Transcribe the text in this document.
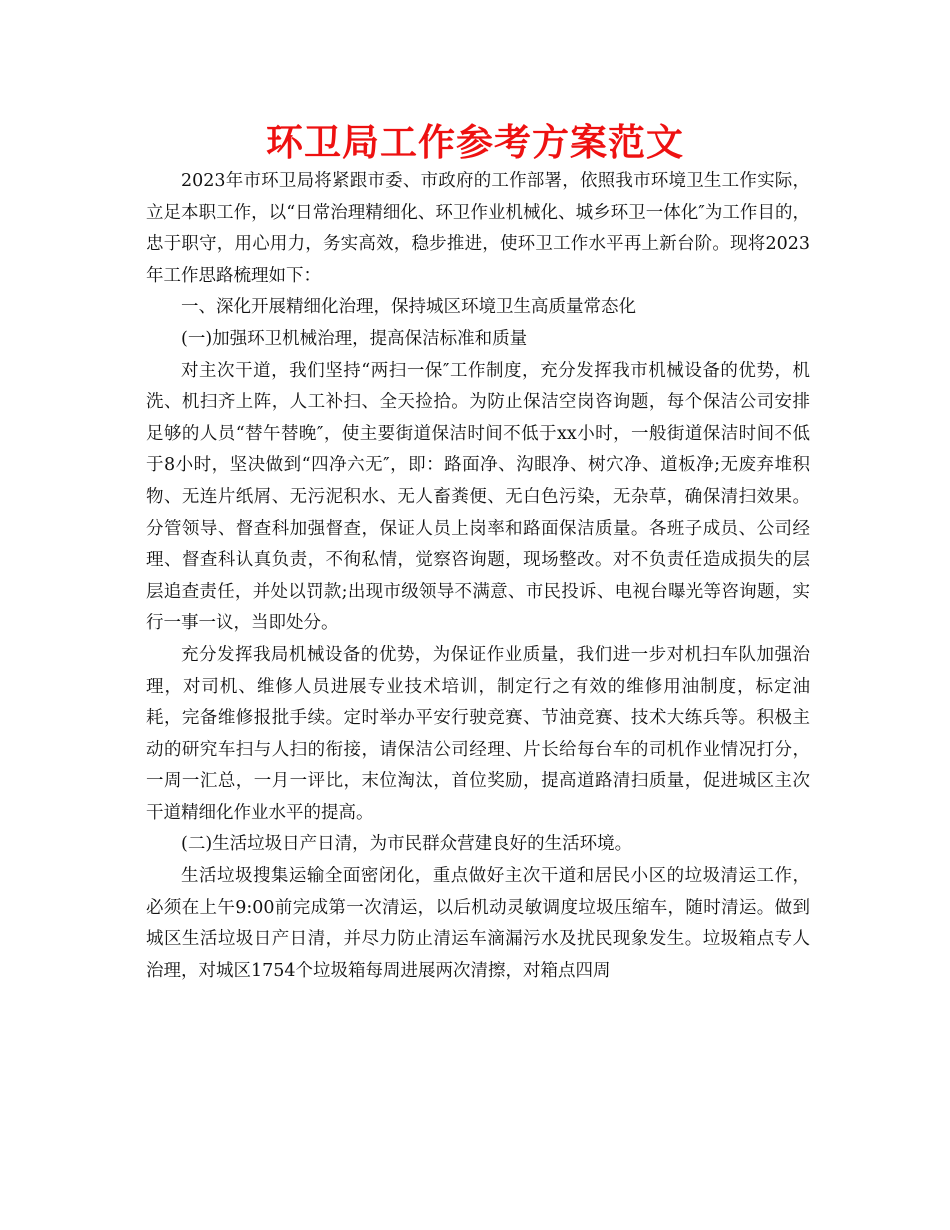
环卫局工作参考方案范文

2023年市环卫局将紧跟市委、市政府的工作部署，依照我市环境卫生工作实际，立足本职工作，以“日常治理精细化、环卫作业机械化、城乡环卫一体化″为工作目的，忠于职守，用心用力，务实高效，稳步推进，使环卫工作水平再上新台阶。现将2023年工作思路梳理如下：

一、深化开展精细化治理，保持城区环境卫生高质量常态化

(一)加强环卫机械治理，提高保洁标准和质量

对主次干道，我们坚持“两扫一保″工作制度，充分发挥我市机械设备的优势，机洗、机扫齐上阵，人工补扫、全天捡拾。为防止保洁空岗咨询题，每个保洁公司安排足够的人员“替午替晚″，使主要街道保洁时间不低于xx小时，一般街道保洁时间不低于8小时，坚决做到“四净六无″，即：路面净、沟眼净、树穴净、道板净;无废弃堆积物、无连片纸屑、无污泥积水、无人畜粪便、无白色污染，无杂草，确保清扫效果。分管领导、督查科加强督查，保证人员上岗率和路面保洁质量。各班子成员、公司经理、督查科认真负责，不徇私情，觉察咨询题，现场整改。对不负责任造成损失的层层追查责任，并处以罚款;出现市级领导不满意、市民投诉、电视台曝光等咨询题，实行一事一议，当即处分。

充分发挥我局机械设备的优势，为保证作业质量，我们进一步对机扫车队加强治理，对司机、维修人员进展专业技术培训，制定行之有效的维修用油制度，标定油耗，完备维修报批手续。定时举办平安行驶竞赛、节油竞赛、技术大练兵等。积极主动的研究车扫与人扫的衔接，请保洁公司经理、片长给每台车的司机作业情况打分，一周一汇总，一月一评比，末位淘汰，首位奖励，提高道路清扫质量，促进城区主次干道精细化作业水平的提高。

(二)生活垃圾日产日清，为市民群众营建良好的生活环境。

生活垃圾搜集运输全面密闭化，重点做好主次干道和居民小区的垃圾清运工作，必须在上午9:00前完成第一次清运，以后机动灵敏调度垃圾压缩车，随时清运。做到城区生活垃圾日产日清，并尽力防止清运车滴漏污水及扰民现象发生。垃圾箱点专人治理，对城区1754个垃圾箱每周进展两次清擦，对箱点四周
